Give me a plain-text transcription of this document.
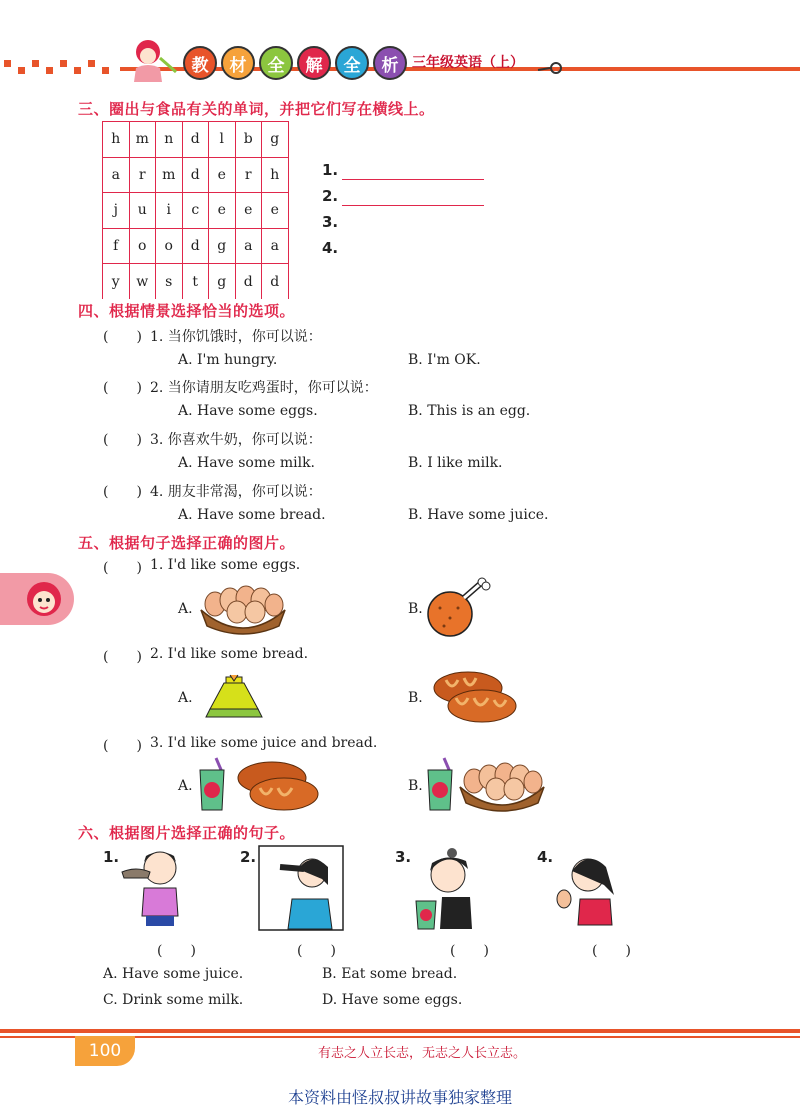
教	材	全	解	全	析 三年级英语（上）
三、圈出与食品有关的单词，并把它们写在横线上。
h	m	n	d	l	b	g
a	r	m	d	e	r	h
j	u	i	c	e	e	e
f	o	o	d	g	a	a
y	w	s	t	g	d	d
1.
2.
3.
4.
四、根据情景选择恰当的选项。
(　　) 1. 当你饥饿时，你可以说：
A. I'm hungry.	B. I'm OK.
(　　) 2. 当你请朋友吃鸡蛋时，你可以说：
A. Have some eggs.	B. This is an egg.
(　　) 3. 你喜欢牛奶，你可以说：
A. Have some milk.	B. I like milk.
(　　) 4. 朋友非常渴，你可以说：
A. Have some bread.	B. Have some juice.
五、根据句子选择正确的图片。
(　　) 1. I'd like some eggs.
A.	B.
(　　) 2. I'd like some bread.
A.	B.
(　　) 3. I'd like some juice and bread.
A.	B.
六、根据图片选择正确的句子。
1.	2.	3.	4.
(　　)	(　　)	(　　)	(　　)
A. Have some juice.	B. Eat some bread.
C. Drink some milk.	D. Have some eggs.
100	有志之人立长志，无志之人长立志。
本资料由怪叔叔讲故事独家整理
